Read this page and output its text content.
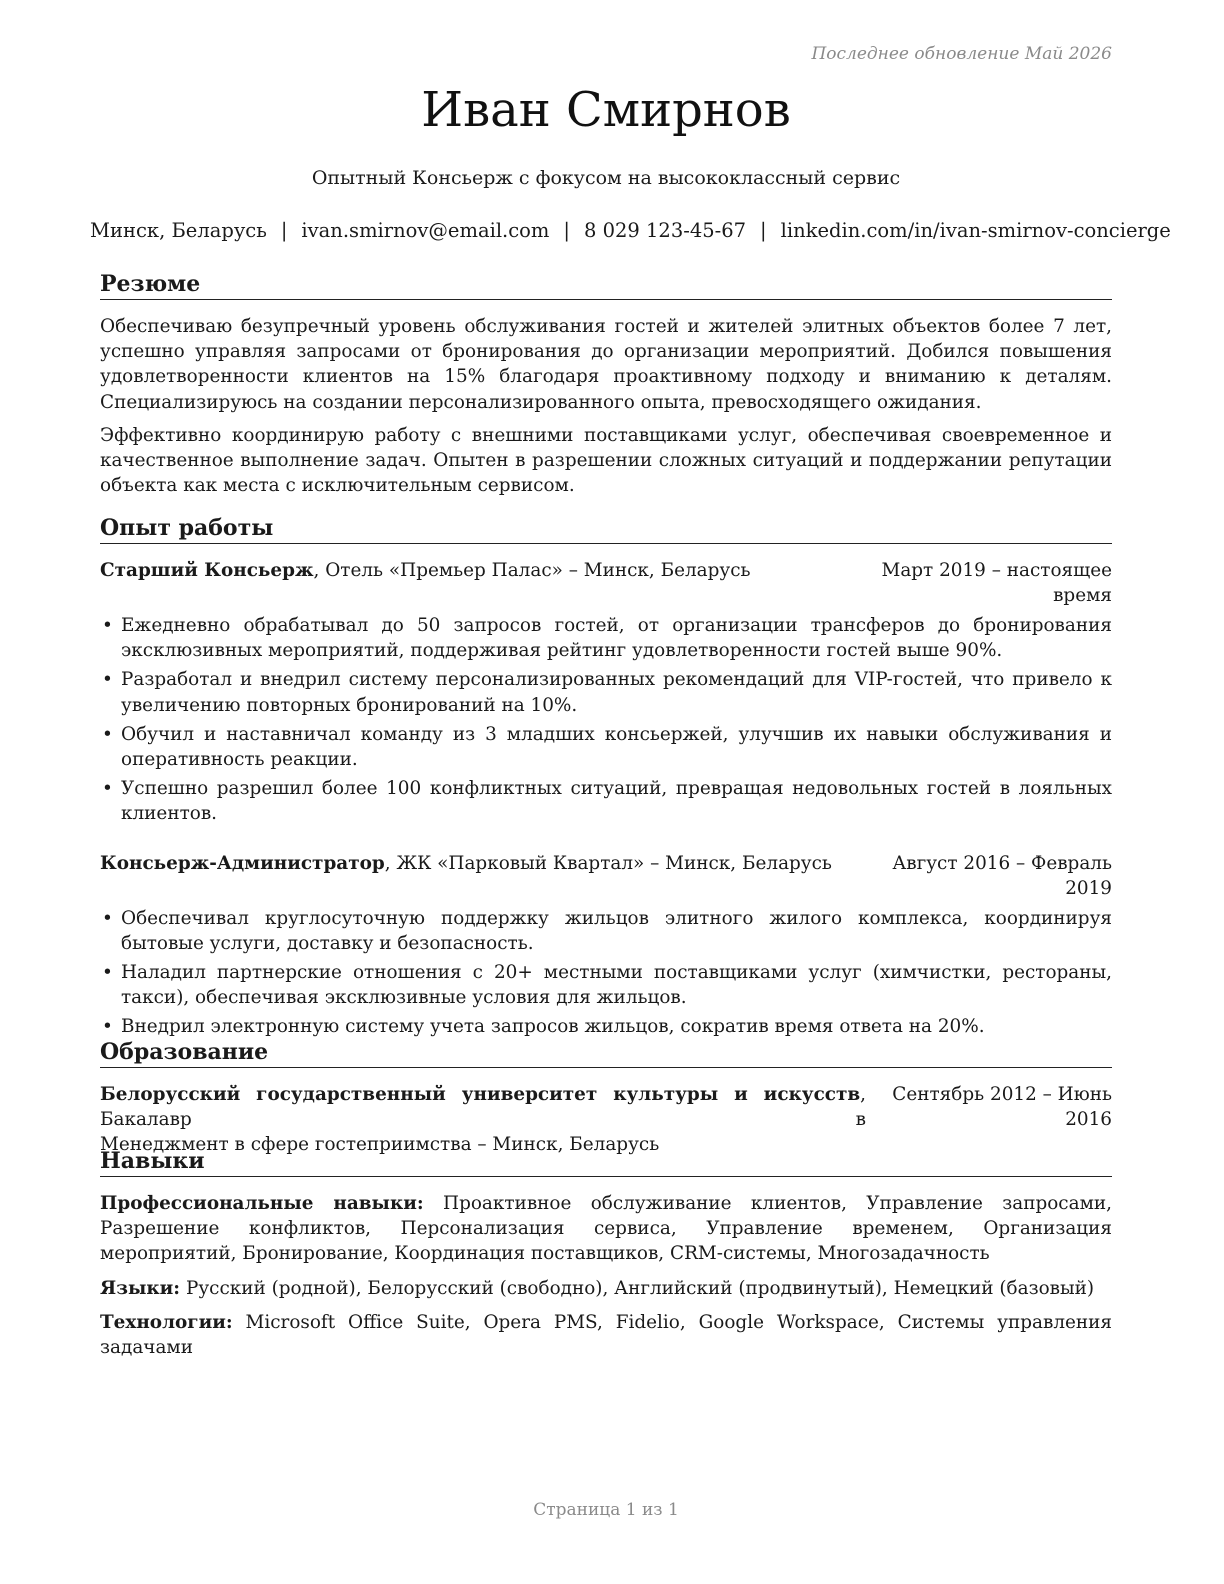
Последнее обновление Май 2026
Иван Смирнов
Опытный Консьерж с фокусом на высококлассный сервис
Минск, Беларусь | ivan.smirnov@email.com | 8 029 123-45-67 | linkedin.com/in/ivan-smirnov-concierge
Резюме

Обеспечиваю безупречный уровень обслуживания гостей и жителей элитных объектов более 7 лет, успешно управляя запросами от бронирования до организации мероприятий. Добился повышения удовлетворенности клиентов на 15% благодаря проактивному подходу и вниманию к деталям. Специализируюсь на создании персонализированного опыта, превосходящего ожидания.

Эффективно координирую работу с внешними поставщиками услуг, обеспечивая своевременное и качественное выполнение задач. Опытен в разрешении сложных ситуаций и поддержании репутации объекта как места с исключительным сервисом.

Опыт работы
Старший Консьерж, Отель «Премьер Палас» – Минск, Беларусь	Март 2019 – настоящее
время
• Ежедневно обрабатывал до 50 запросов гостей, от организации трансферов до бронирования эксклюзивных мероприятий, поддерживая рейтинг удовлетворенности гостей выше 90%.
• Разработал и внедрил систему персонализированных рекомендаций для VIP-гостей, что привело к увеличению повторных бронирований на 10%.
• Обучил и наставничал команду из 3 младших консьержей, улучшив их навыки обслуживания и оперативность реакции.
• Успешно разрешил более 100 конфликтных ситуаций, превращая недовольных гостей в лояльных клиентов.
Консьерж-Администратор, ЖК «Парковый Квартал» – Минск, Беларусь	Август 2016 – Февраль
2019
• Обеспечивал круглосуточную поддержку жильцов элитного жилого комплекса, координируя бытовые услуги, доставку и безопасность.
• Наладил партнерские отношения с 20+ местными поставщиками услуг (химчистки, рестораны, такси), обеспечивая эксклюзивные условия для жильцов.
• Внедрил электронную систему учета запросов жильцов, сократив время ответа на 20%.
Образование
Белорусский государственный университет культуры и искусств, Бакалавр в
Менеджмент в сфере гостеприимства – Минск, Беларусь
Сентябрь 2012 – Июнь
2016
Навыки

Профессиональные навыки: Проактивное обслуживание клиентов, Управление запросами, Разрешение конфликтов, Персонализация сервиса, Управление временем, Организация мероприятий, Бронирование, Координация поставщиков, CRM-системы, Многозадачность

Языки: Русский (родной), Белорусский (свободно), Английский (продвинутый), Немецкий (базовый)

Технологии: Microsoft Office Suite, Opera PMS, Fidelio, Google Workspace, Системы управления задачами

Страница 1 из 1
